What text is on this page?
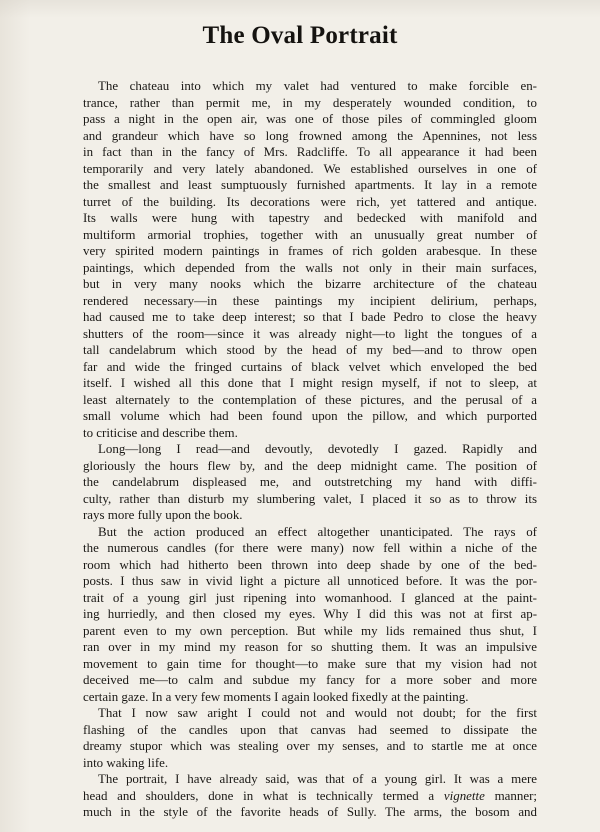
The Oval Portrait

The chateau into which my valet had ventured to make forcible en-
trance, rather than permit me, in my desperately wounded condition, to
pass a night in the open air, was one of those piles of commingled gloom
and grandeur which have so long frowned among the Apennines, not less
in fact than in the fancy of Mrs. Radcliffe. To all appearance it had been
temporarily and very lately abandoned. We established ourselves in one of
the smallest and least sumptuously furnished apartments. It lay in a remote
turret of the building. Its decorations were rich, yet tattered and antique.
Its walls were hung with tapestry and bedecked with manifold and
multiform armorial trophies, together with an unusually great number of
very spirited modern paintings in frames of rich golden arabesque. In these
paintings, which depended from the walls not only in their main surfaces,
but in very many nooks which the bizarre architecture of the chateau
rendered necessary—in these paintings my incipient delirium, perhaps,
had caused me to take deep interest; so that I bade Pedro to close the heavy
shutters of the room—since it was already night—to light the tongues of a
tall candelabrum which stood by the head of my bed—and to throw open
far and wide the fringed curtains of black velvet which enveloped the bed
itself. I wished all this done that I might resign myself, if not to sleep, at
least alternately to the contemplation of these pictures, and the perusal of a
small volume which had been found upon the pillow, and which purported
to criticise and describe them.

Long—long I read—and devoutly, devotedly I gazed. Rapidly and
gloriously the hours flew by, and the deep midnight came. The position of
the candelabrum displeased me, and outstretching my hand with diffi-
culty, rather than disturb my slumbering valet, I placed it so as to throw its
rays more fully upon the book.

But the action produced an effect altogether unanticipated. The rays of
the numerous candles (for there were many) now fell within a niche of the
room which had hitherto been thrown into deep shade by one of the bed-
posts. I thus saw in vivid light a picture all unnoticed before. It was the por-
trait of a young girl just ripening into womanhood. I glanced at the paint-
ing hurriedly, and then closed my eyes. Why I did this was not at first ap-
parent even to my own perception. But while my lids remained thus shut, I
ran over in my mind my reason for so shutting them. It was an impulsive
movement to gain time for thought—to make sure that my vision had not
deceived me—to calm and subdue my fancy for a more sober and more
certain gaze. In a very few moments I again looked fixedly at the painting.

That I now saw aright I could not and would not doubt; for the first
flashing of the candles upon that canvas had seemed to dissipate the
dreamy stupor which was stealing over my senses, and to startle me at once
into waking life.

The portrait, I have already said, was that of a young girl. It was a mere
head and shoulders, done in what is technically termed a vignette manner;
much in the style of the favorite heads of Sully. The arms, the bosom and
